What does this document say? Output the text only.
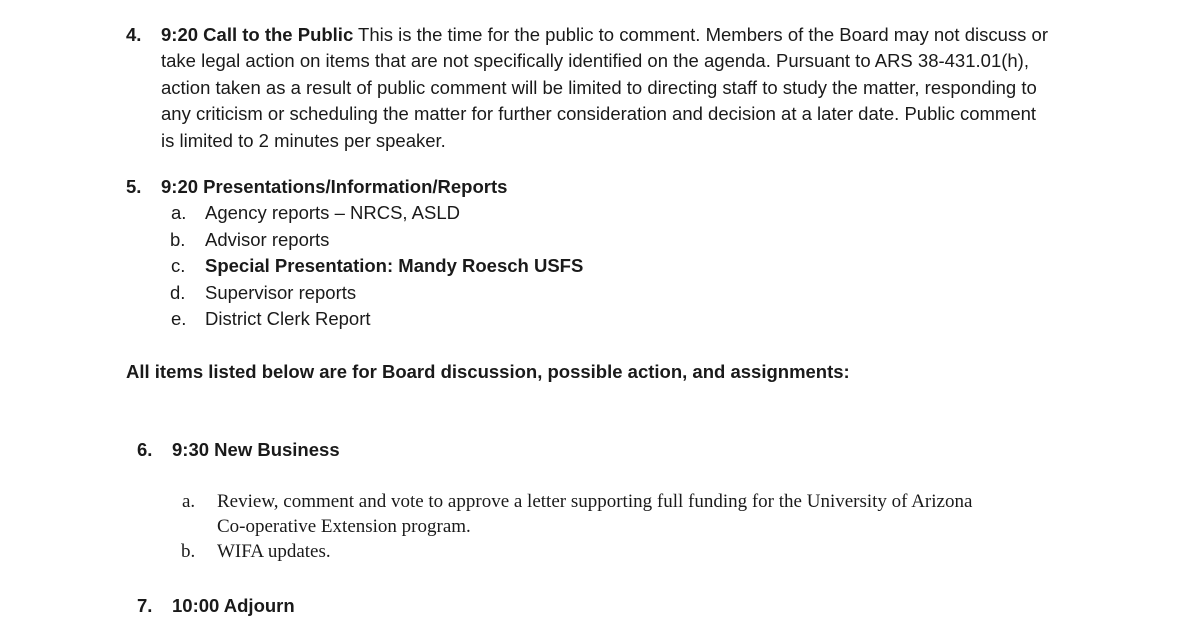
4. 9:20 Call to the Public This is the time for the public to comment. Members of the Board may not discuss or
take legal action on items that are not specifically identified on the agenda. Pursuant to ARS 38-431.01(h),
action taken as a result of public comment will be limited to directing staff to study the matter, responding to
any criticism or scheduling the matter for further consideration and decision at a later date. Public comment
is limited to 2 minutes per speaker.
5. 9:20 Presentations/Information/Reports
a. Agency reports – NRCS, ASLD
b. Advisor reports
c. Special Presentation: Mandy Roesch USFS
d. Supervisor reports
e. District Clerk Report
All items listed below are for Board discussion, possible action, and assignments:
6. 9:30 New Business
a. Review, comment and vote to approve a letter supporting full funding for the University of Arizona
Co-operative Extension program.
b. WIFA updates.
7. 10:00 Adjourn
